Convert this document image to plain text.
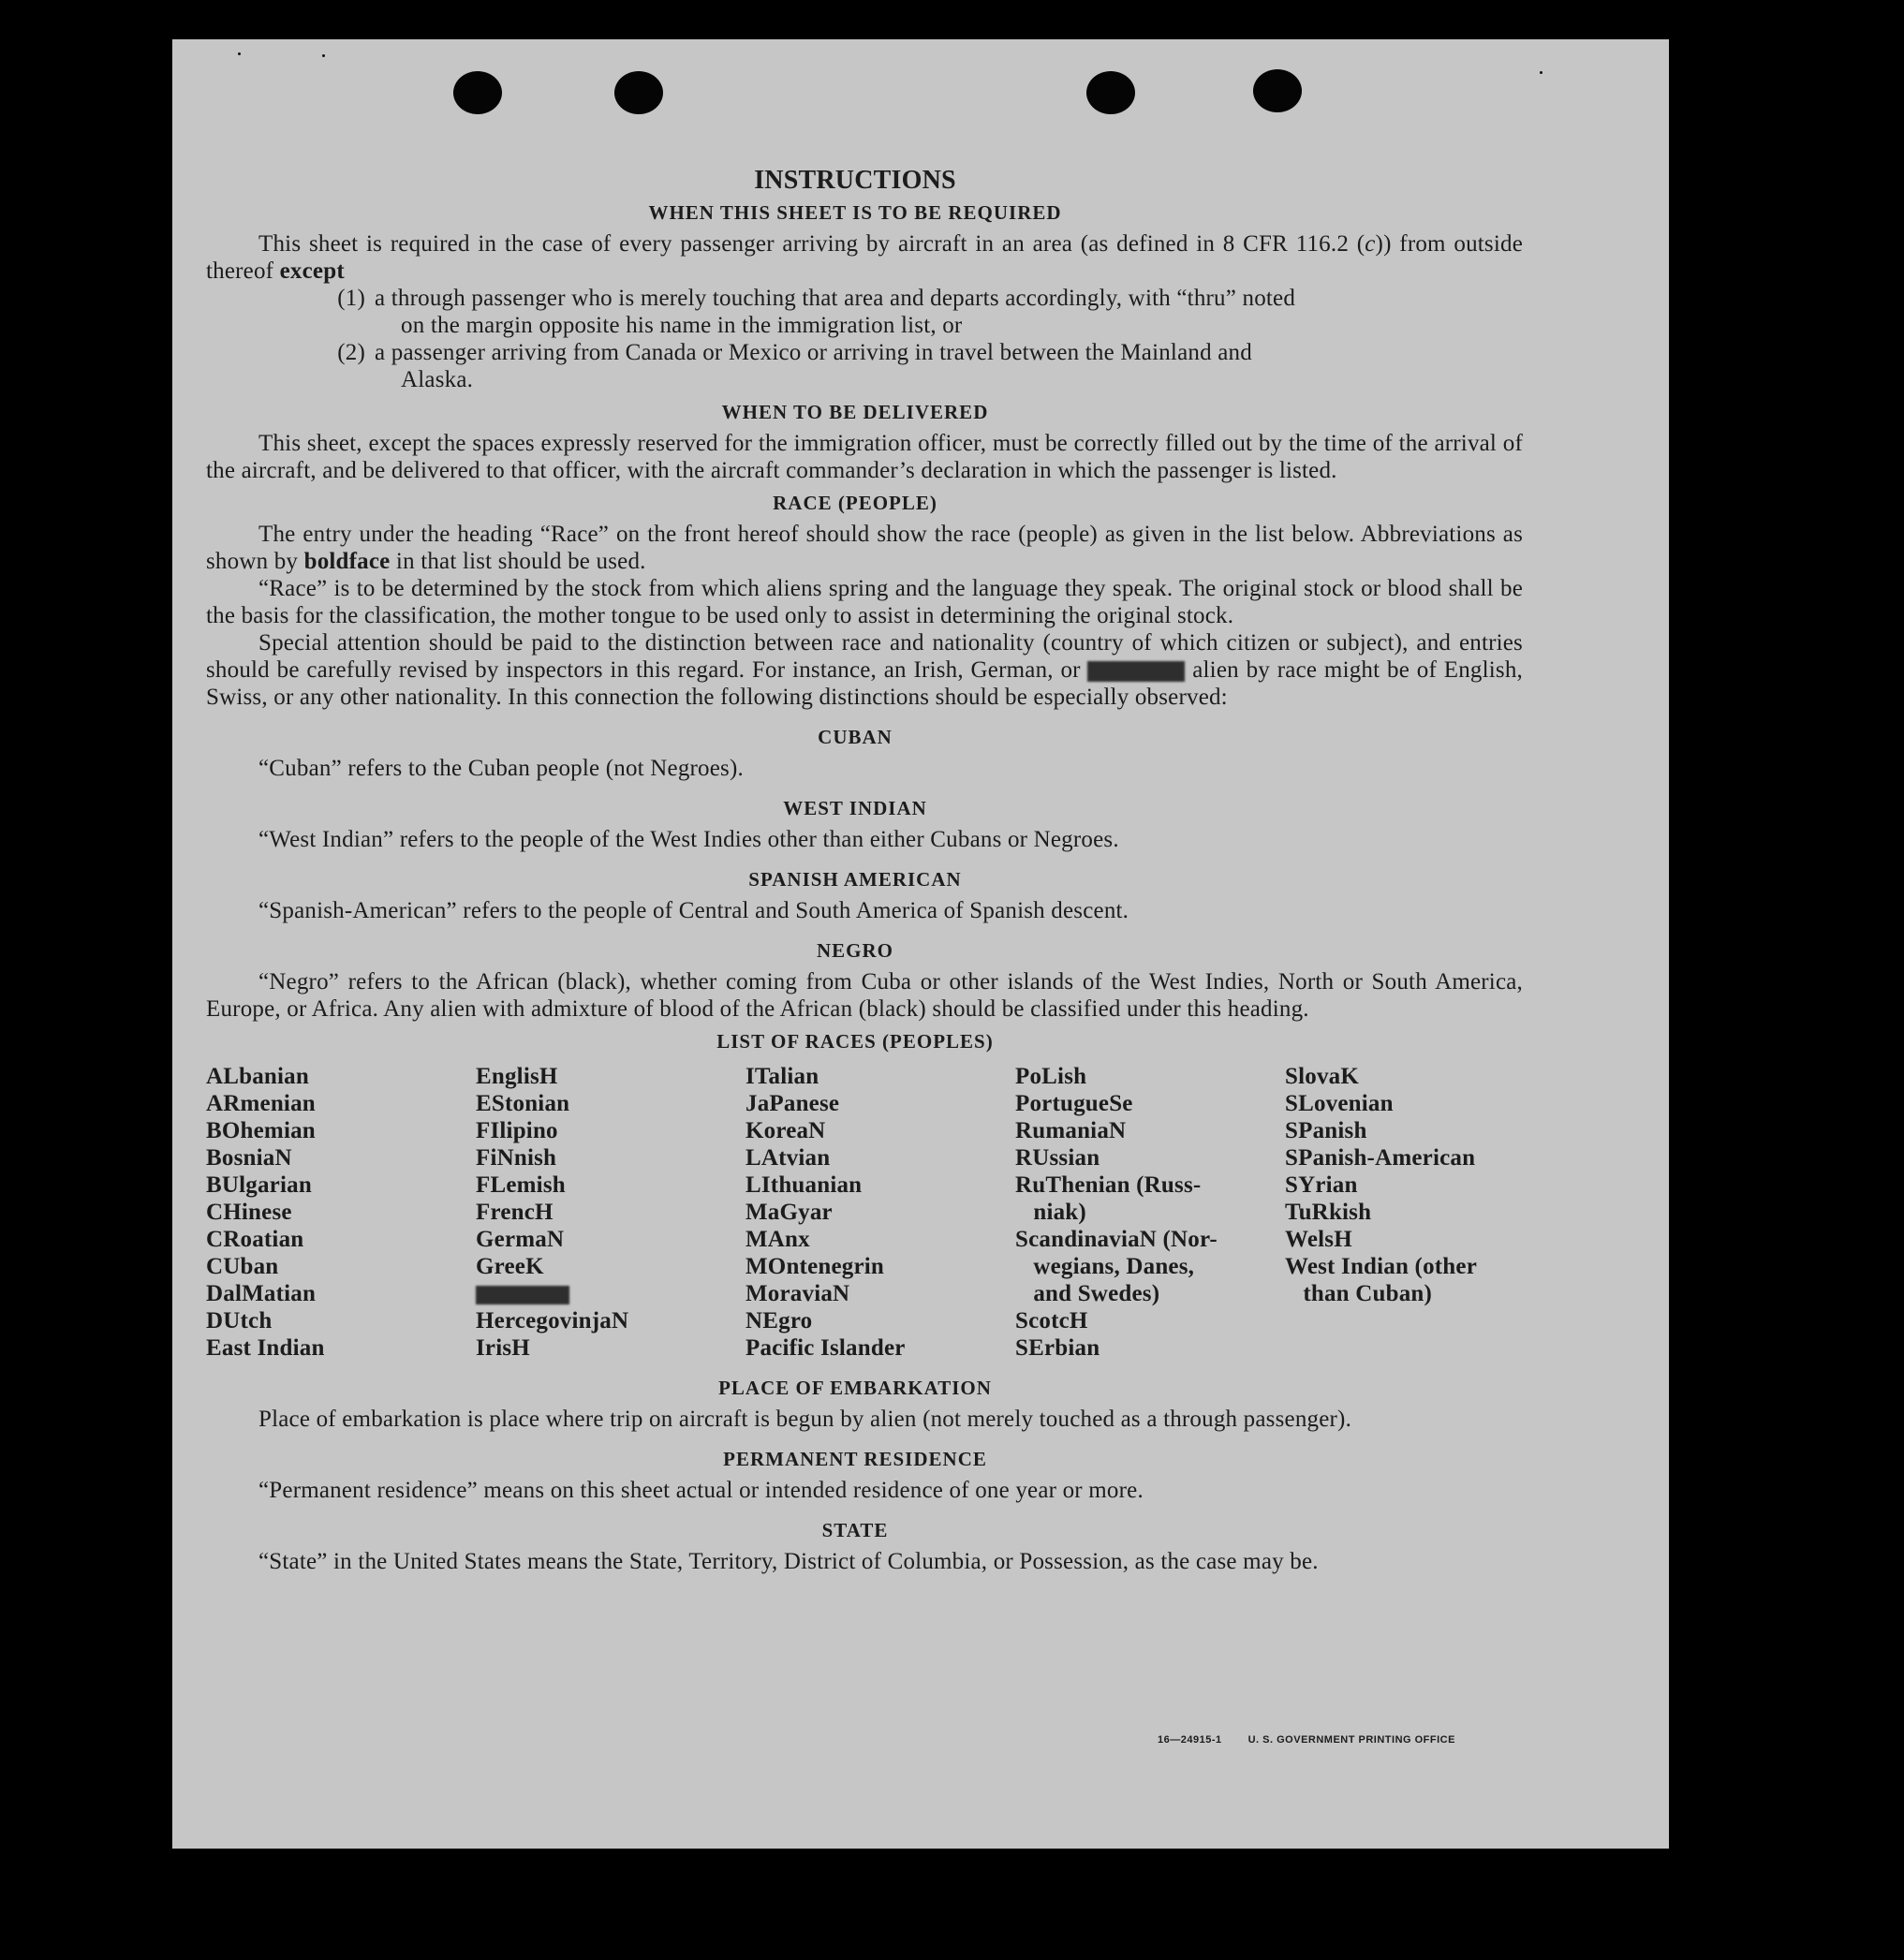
INSTRUCTIONS
WHEN THIS SHEET IS TO BE REQUIRED

This sheet is required in the case of every passenger arriving by aircraft in an area (as defined in 8 CFR 116.2 (c)) from outside thereof except

(1) a through passenger who is merely touching that area and departs accordingly, with “thru” noted
on the margin opposite his name in the immigration list, or
(2) a passenger arriving from Canada or Mexico or arriving in travel between the Mainland and
Alaska.
WHEN TO BE DELIVERED

This sheet, except the spaces expressly reserved for the immigration officer, must be correctly filled out by the time of the arrival of the aircraft, and be delivered to that officer, with the aircraft commander’s declaration in which the passenger is listed.

RACE (PEOPLE)

The entry under the heading “Race” on the front hereof should show the race (people) as given in the list below. Abbreviations as shown by boldface in that list should be used.

“Race” is to be determined by the stock from which aliens spring and the language they speak. The original stock or blood shall be the basis for the classification, the mother tongue to be used only to assist in determining the original stock.

Special attention should be paid to the distinction between race and nationality (country of which citizen or subject), and entries should be carefully revised by inspectors in this regard. For instance, an Irish, German, or	alien by race might be of English, Swiss, or any other nationality. In this connection the following distinctions should be especially observed:

CUBAN

“Cuban” refers to the Cuban people (not Negroes).

WEST INDIAN

“West Indian” refers to the people of the West Indies other than either Cubans or Negroes.

SPANISH AMERICAN

“Spanish-American” refers to the people of Central and South America of Spanish descent.

NEGRO

“Negro” refers to the African (black), whether coming from Cuba or other islands of the West Indies, North or South America, Europe, or Africa. Any alien with admixture of blood of the African (black) should be classified under this heading.

LIST OF RACES (PEOPLES)
ALbanian
ARmenian
BOhemian
BosniaN
BUlgarian
CHinese
CRoatian
CUban
DalMatian
DUtch
East Indian
EnglisH
EStonian
FIlipino
FiNnish
FLemish
FrencH
GermaN
GreeK
HercegovinjaN
IrisH
ITalian
JaPanese
KoreaN
LAtvian
LIthuanian
MaGyar
MAnx
MOntenegrin
MoraviaN
NEgro
Pacific Islander
PoLish
PortugueSe
RumaniaN
RUssian
RuThenian (Russ-
niak)
ScandinaviaN (Nor-
wegians, Danes,
and Swedes)
ScotcH
SErbian
SlovaK
SLovenian
SPanish
SPanish-American
SYrian
TuRkish
WelsH
West Indian (other
than Cuban)
PLACE OF EMBARKATION

Place of embarkation is place where trip on aircraft is begun by alien (not merely touched as a through passenger).

PERMANENT RESIDENCE

“Permanent residence” means on this sheet actual or intended residence of one year or more.

STATE

“State” in the United States means the State, Territory, District of Columbia, or Possession, as the case may be.

16—24915-1	U. S. GOVERNMENT PRINTING OFFICE
